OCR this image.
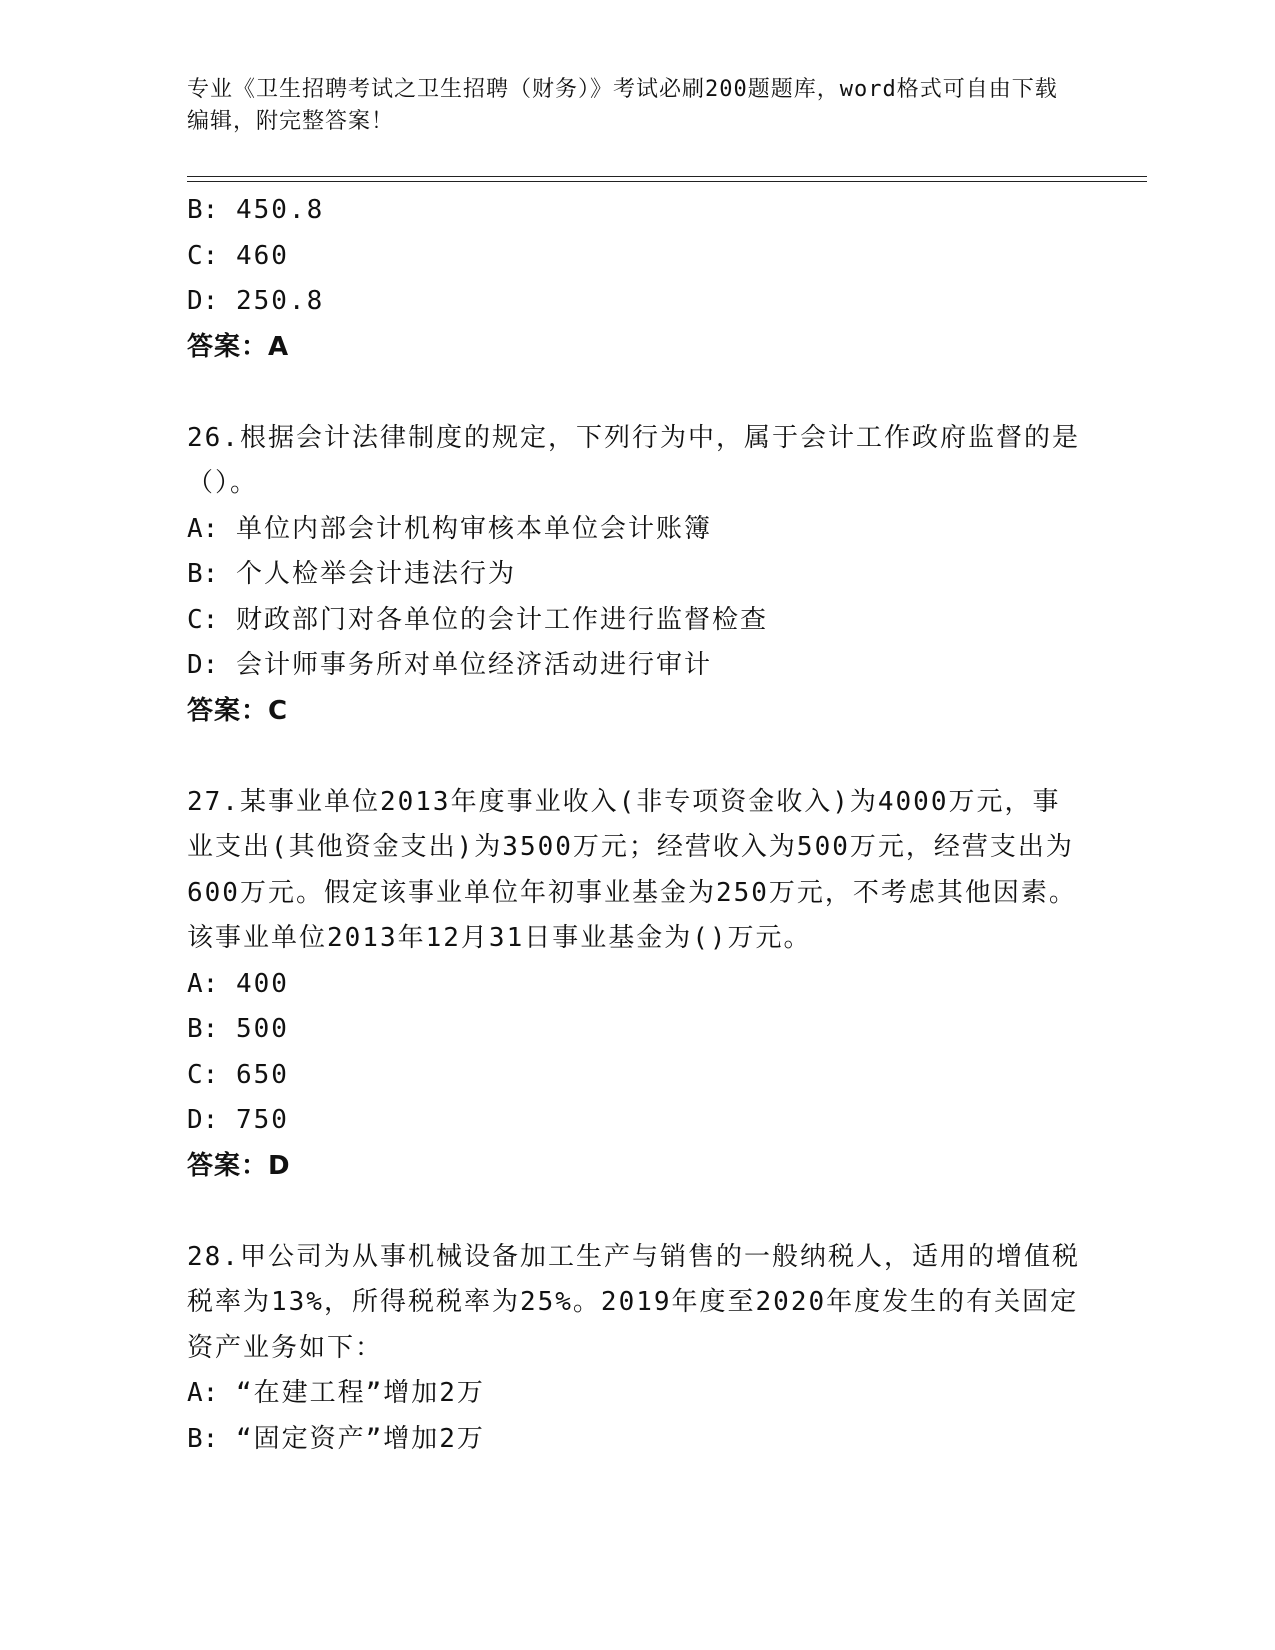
专业《卫生招聘考试之卫生招聘（财务）》考试必刷200题题库，word格式可自由下载编辑，附完整答案！
B: 450.8
C: 460
D: 250.8
答案：A
26.根据会计法律制度的规定，下列行为中，属于会计工作政府监督的是（）。
A: 单位内部会计机构审核本单位会计账簿
B: 个人检举会计违法行为
C: 财政部门对各单位的会计工作进行监督检查
D: 会计师事务所对单位经济活动进行审计
答案：C
27.某事业单位2013年度事业收入(非专项资金收入)为4000万元，事业支出(其他资金支出)为3500万元；经营收入为500万元，经营支出为600万元。假定该事业单位年初事业基金为250万元，不考虑其他因素。该事业单位2013年12月31日事业基金为()万元。
A: 400
B: 500
C: 650
D: 750
答案：D
28.甲公司为从事机械设备加工生产与销售的一般纳税人，适用的增值税税率为13%，所得税税率为25%。2019年度至2020年度发生的有关固定资产业务如下：
A: “在建工程”增加2万
B: “固定资产”增加2万
